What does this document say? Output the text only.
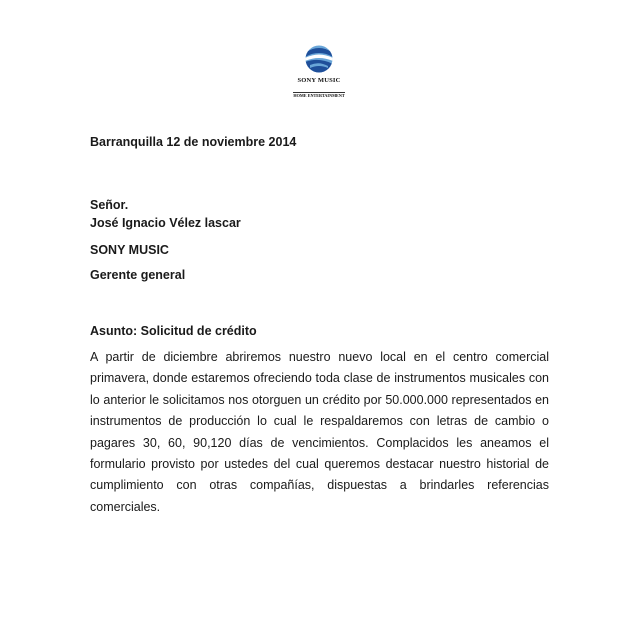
SONY MUSIC
HOME ENTERTAINMENT
Barranquilla 12 de noviembre 2014
Señor.
José Ignacio Vélez lascar
SONY MUSIC
Gerente general
Asunto: Solicitud de crédito
A partir de diciembre abriremos nuestro nuevo local en el centro comercial primavera, donde estaremos ofreciendo toda clase de instrumentos musicales con lo anterior le solicitamos nos otorguen un crédito por 50.000.000 representados en instrumentos de producción lo cual le respaldaremos con letras de cambio o pagares 30, 60, 90,120 días de vencimientos. Complacidos les aneamos el formulario provisto por ustedes del cual queremos destacar nuestro historial de cumplimiento con otras compañías, dispuestas a brindarles referencias comerciales.
